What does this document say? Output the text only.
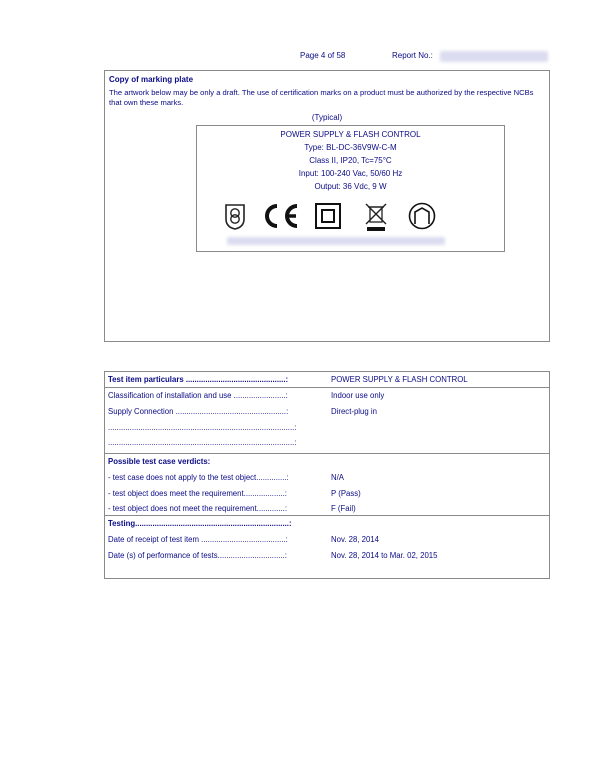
Page 4 of 58	Report No.:
Copy of marking plate
The artwork below may be only a draft. The use of certification marks on a product must be authorized by the respective NCBs that own these marks.
(Typical)
POWER SUPPLY & FLASH CONTROL
Type: BL-DC-36V9W-C-M
Class II, IP20, Tc=75°C
Input: 100-240 Vac, 50/60 Hz
Output: 36 Vdc, 9 W
Test item particulars ..............................................:	POWER SUPPLY & FLASH CONTROL
Classification of installation and use ........................:	Indoor use only
Supply Connection ...................................................:	Direct-plug in
......................................................................................:
......................................................................................:
Possible test case verdicts:
- test case does not apply to the test object..............:	N/A
- test object does meet the requirement...................:	P (Pass)
- test object does not meet the requirement.............:	F (Fail)
Testing.......................................................................:
Date of receipt of test item .......................................:	Nov. 28, 2014
Date (s) of performance of tests...............................:	Nov. 28, 2014 to Mar. 02, 2015
